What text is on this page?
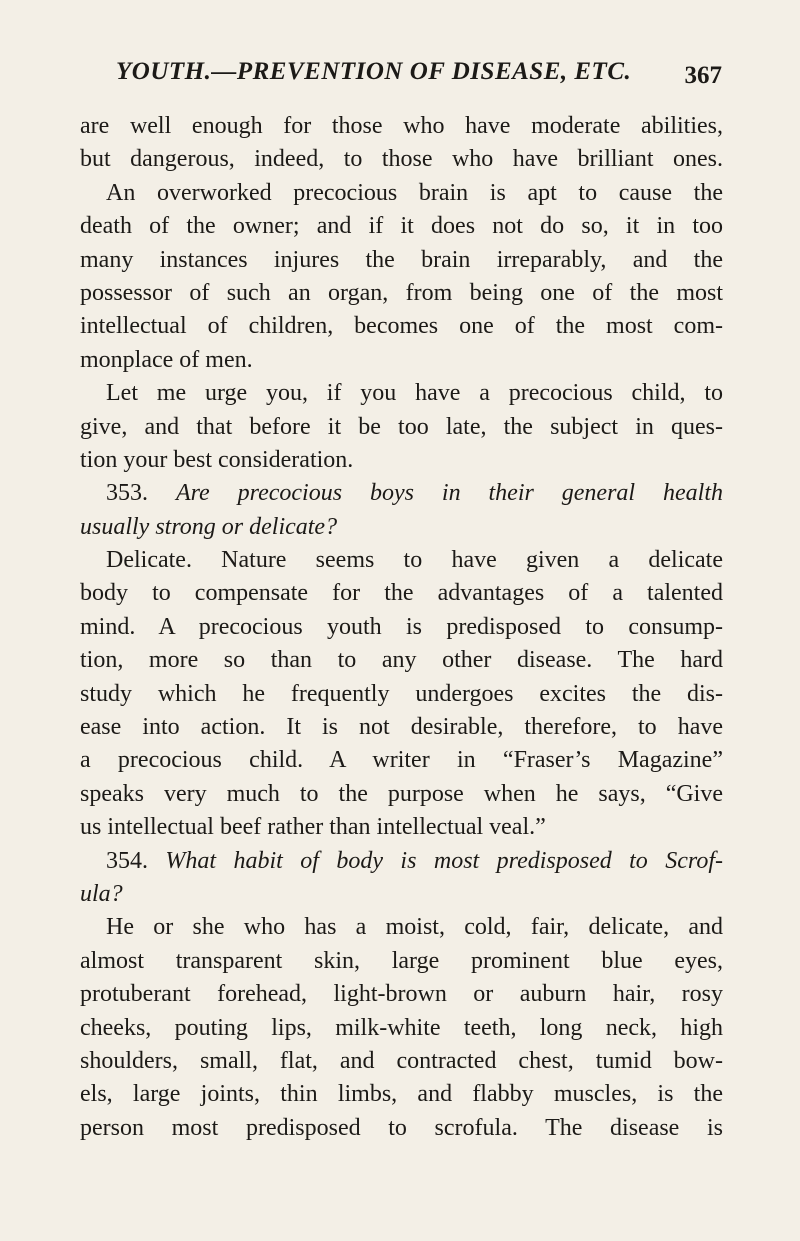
YOUTH.—PREVENTION OF DISEASE, ETC. 367
are well enough for those who have moderate abilities,
but dangerous, indeed, to those who have brilliant ones.
An overworked precocious brain is apt to cause the
death of the owner; and if it does not do so, it in too
many instances injures the brain irreparably, and the
possessor of such an organ, from being one of the most
intellectual of children, becomes one of the most com-
monplace of men.
Let me urge you, if you have a precocious child, to
give, and that before it be too late, the subject in ques-
tion your best consideration.
353. Are precocious boys in their general health
usually strong or delicate?
Delicate. Nature seems to have given a delicate
body to compensate for the advantages of a talented
mind. A precocious youth is predisposed to consump-
tion, more so than to any other disease. The hard
study which he frequently undergoes excites the dis-
ease into action. It is not desirable, therefore, to have
a precocious child. A writer in “Fraser’s Magazine”
speaks very much to the purpose when he says, “Give
us intellectual beef rather than intellectual veal.”
354. What habit of body is most predisposed to Scrof-
ula?
He or she who has a moist, cold, fair, delicate, and
almost transparent skin, large prominent blue eyes,
protuberant forehead, light-brown or auburn hair, rosy
cheeks, pouting lips, milk-white teeth, long neck, high
shoulders, small, flat, and contracted chest, tumid bow-
els, large joints, thin limbs, and flabby muscles, is the
person most predisposed to scrofula. The disease is
